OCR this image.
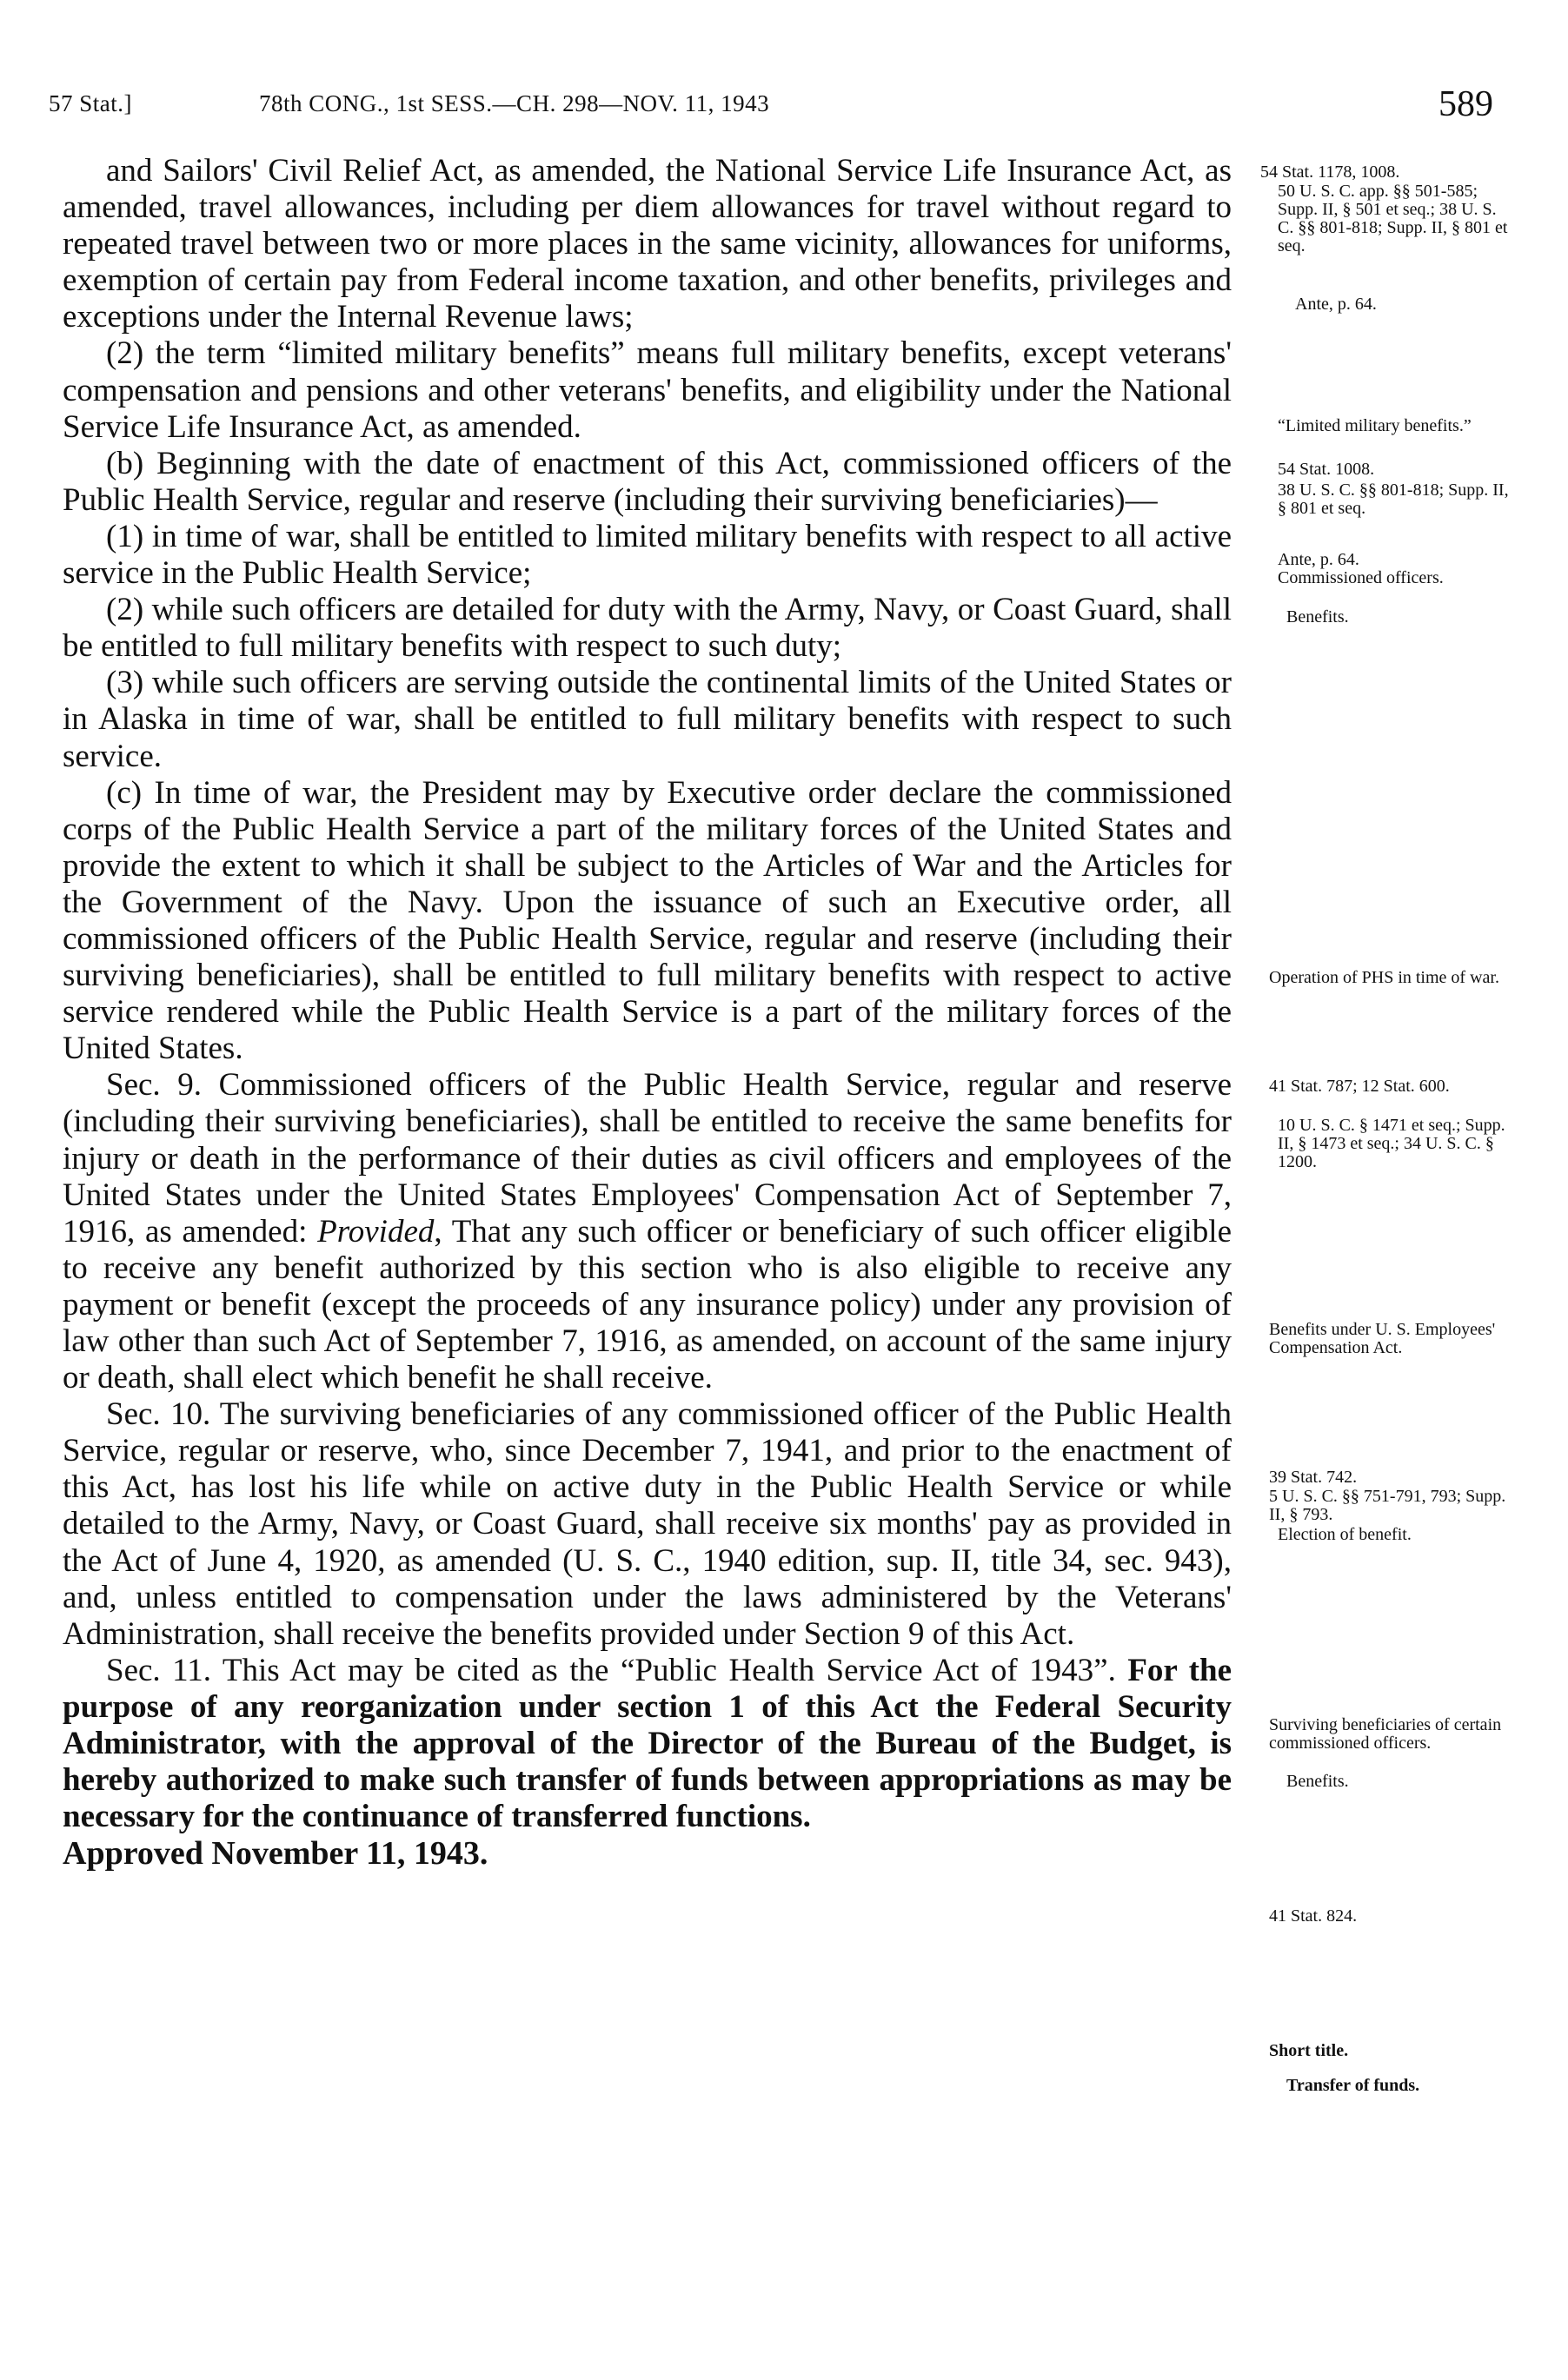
57 Stat.]	78th CONG., 1st SESS.—CH. 298—NOV. 11, 1943	589

and Sailors' Civil Relief Act, as amended, the National Service Life Insurance Act, as amended, travel allowances, including per diem allowances for travel without regard to repeated travel between two or more places in the same vicinity, allowances for uniforms, exemption of certain pay from Federal income taxation, and other benefits, privileges and exceptions under the Internal Revenue laws;

(2) the term “limited military benefits” means full military benefits, except veterans' compensation and pensions and other veterans' benefits, and eligibility under the National Service Life Insurance Act, as amended.

(b) Beginning with the date of enactment of this Act, commissioned officers of the Public Health Service, regular and reserve (including their surviving beneficiaries)—

(1) in time of war, shall be entitled to limited military benefits with respect to all active service in the Public Health Service;

(2) while such officers are detailed for duty with the Army, Navy, or Coast Guard, shall be entitled to full military benefits with respect to such duty;

(3) while such officers are serving outside the continental limits of the United States or in Alaska in time of war, shall be entitled to full military benefits with respect to such service.

(c) In time of war, the President may by Executive order declare the commissioned corps of the Public Health Service a part of the military forces of the United States and provide the extent to which it shall be subject to the Articles of War and the Articles for the Government of the Navy. Upon the issuance of such an Executive order, all commissioned officers of the Public Health Service, regular and reserve (including their surviving beneficiaries), shall be entitled to full military benefits with respect to active service rendered while the Public Health Service is a part of the military forces of the United States.

Sec. 9. Commissioned officers of the Public Health Service, regular and reserve (including their surviving beneficiaries), shall be entitled to receive the same benefits for injury or death in the performance of their duties as civil officers and employees of the United States under the United States Employees' Compensation Act of September 7, 1916, as amended: Provided, That any such officer or beneficiary of such officer eligible to receive any benefit authorized by this section who is also eligible to receive any payment or benefit (except the proceeds of any insurance policy) under any provision of law other than such Act of September 7, 1916, as amended, on account of the same injury or death, shall elect which benefit he shall receive.

Sec. 10. The surviving beneficiaries of any commissioned officer of the Public Health Service, regular or reserve, who, since December 7, 1941, and prior to the enactment of this Act, has lost his life while on active duty in the Public Health Service or while detailed to the Army, Navy, or Coast Guard, shall receive six months' pay as provided in the Act of June 4, 1920, as amended (U. S. C., 1940 edition, sup. II, title 34, sec. 943), and, unless entitled to compensation under the laws administered by the Veterans' Administration, shall receive the benefits provided under Section 9 of this Act.

Sec. 11. This Act may be cited as the “Public Health Service Act of 1943”. For the purpose of any reorganization under section 1 of this Act the Federal Security Administrator, with the approval of the Director of the Bureau of the Budget, is hereby authorized to make such transfer of funds between appropriations as may be necessary for the continuance of transferred functions.

Approved November 11, 1943.

54 Stat. 1178, 1008.
50 U. S. C. app. §§ 501-585; Supp. II, § 501 et seq.; 38 U. S. C. §§ 801-818; Supp. II, § 801 et seq.
Ante, p. 64.
“Limited military benefits.”
54 Stat. 1008.
38 U. S. C. §§ 801-818; Supp. II, § 801 et seq.
Ante, p. 64.
Commissioned officers.
Benefits.
Operation of PHS in time of war.
41 Stat. 787; 12 Stat. 600.
10 U. S. C. § 1471 et seq.; Supp. II, § 1473 et seq.; 34 U. S. C. § 1200.
Benefits under U. S. Employees' Compensation Act.
39 Stat. 742.
5 U. S. C. §§ 751-791, 793; Supp. II, § 793.
Election of benefit.
Surviving beneficiaries of certain commissioned officers.
Benefits.
41 Stat. 824.
Short title.
Transfer of funds.
